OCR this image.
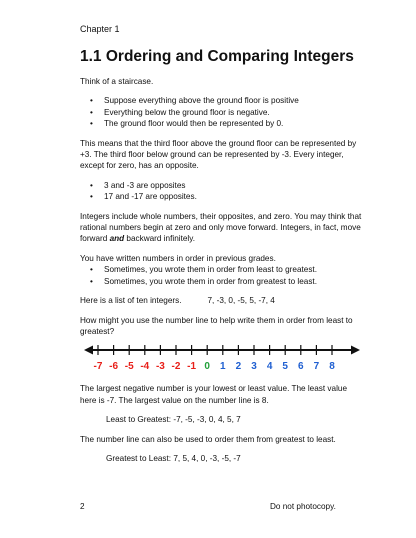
Chapter 1
1.1 Ordering and Comparing Integers

Think of a staircase.

• Suppose everything above the ground floor is positive
• Everything below the ground floor is negative.
• The ground floor would then be represented by 0.

This means that the third floor above the ground floor can be represented by +3. The third floor below ground can be represented by -3. Every integer, except for zero, has an opposite.

• 3 and -3 are opposites
• 17 and -17 are opposites.

Integers include whole numbers, their opposites, and zero. You may think that rational numbers begin at zero and only move forward. Integers, in fact, move forward and backward infinitely.

You have written numbers in order in previous grades.

• Sometimes, you wrote them in order from least to greatest.
• Sometimes, you wrote them in order from greatest to least.

Here is a list of ten integers.	7, -3, 0, -5, 5, -7, 4

How might you use the number line to help write them in order from least to greatest?

-7 -6 -5 -4 -3 -2 -1 0 1 2 3 4 5 6 7 8

The largest negative number is your lowest or least value. The least value here is -7. The largest value on the number line is 8.

Least to Greatest: -7, -5, -3, 0, 4, 5, 7

The number line can also be used to order them from greatest to least.

Greatest to Least: 7, 5, 4, 0, -3, -5, -7

2	Do not photocopy.
